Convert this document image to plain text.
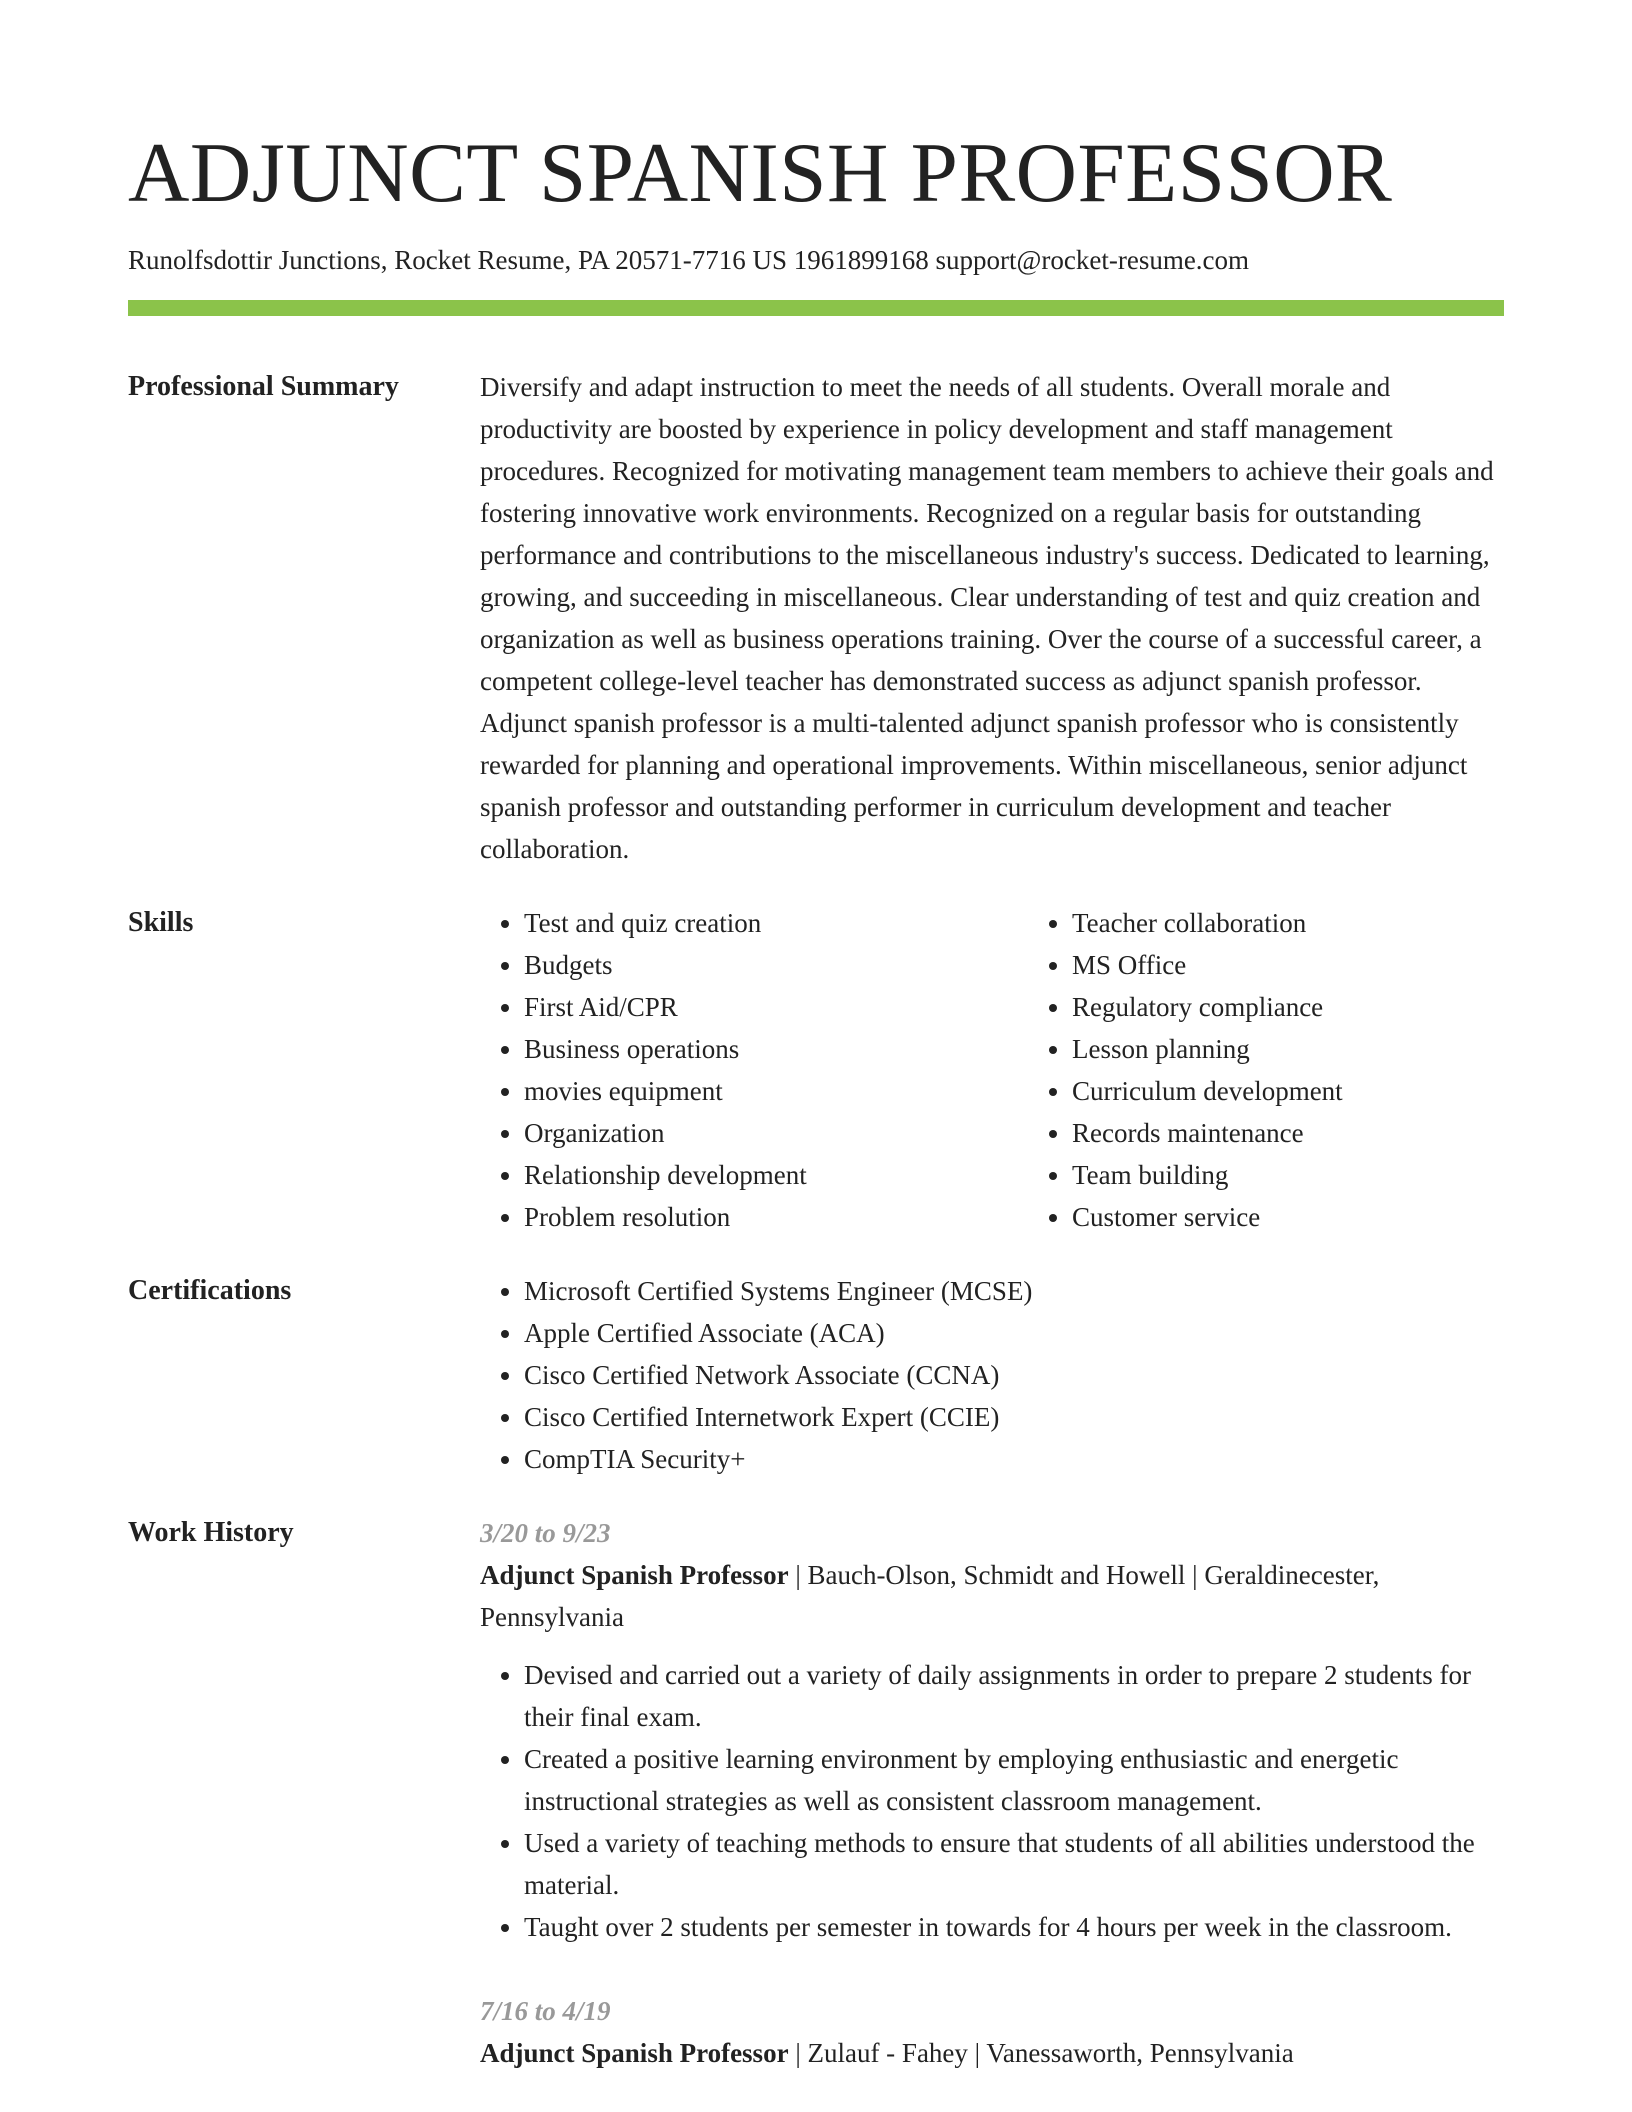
ADJUNCT SPANISH PROFESSOR
Runolfsdottir Junctions, Rocket Resume, PA 20571-7716 US 1961899168 support@rocket-resume.com
Professional Summary	Diversify and adapt instruction to meet the needs of all students. Overall morale and productivity are boosted by experience in policy development and staff management procedures. Recognized for motivating management team members to achieve their goals and fostering innovative work environments. Recognized on a regular basis for outstanding performance and contributions to the miscellaneous industry's success. Dedicated to learning, growing, and succeeding in miscellaneous. Clear understanding of test and quiz creation and organization as well as business operations training. Over the course of a successful career, a competent college-level teacher has demonstrated success as adjunct spanish professor. Adjunct spanish professor is a multi-talented adjunct spanish professor who is consistently rewarded for planning and operational improvements. Within miscellaneous, senior adjunct spanish professor and outstanding performer in curriculum development and teacher collaboration.

Skills	• Test and quiz creation
• Budgets
• First Aid/CPR
• Business operations
• movies equipment
• Organization
• Relationship development
• Problem resolution
• Teacher collaboration
• MS Office
• Regulatory compliance
• Lesson planning
• Curriculum development
• Records maintenance
• Team building
• Customer service
Certifications	• Microsoft Certified Systems Engineer (MCSE)
• Apple Certified Associate (ACA)
• Cisco Certified Network Associate (CCNA)
• Cisco Certified Internetwork Expert (CCIE)
• CompTIA Security+
Work History	3/20 to 9/23

Adjunct Spanish Professor | Bauch-Olson, Schmidt and Howell | Geraldinecester, Pennsylvania

• Devised and carried out a variety of daily assignments in order to prepare 2 students for their final exam.
• Created a positive learning environment by employing enthusiastic and energetic instructional strategies as well as consistent classroom management.
• Used a variety of teaching methods to ensure that students of all abilities understood the material.
• Taught over 2 students per semester in towards for 4 hours per week in the classroom.
7/16 to 4/19

Adjunct Spanish Professor | Zulauf - Fahey | Vanessaworth, Pennsylvania
